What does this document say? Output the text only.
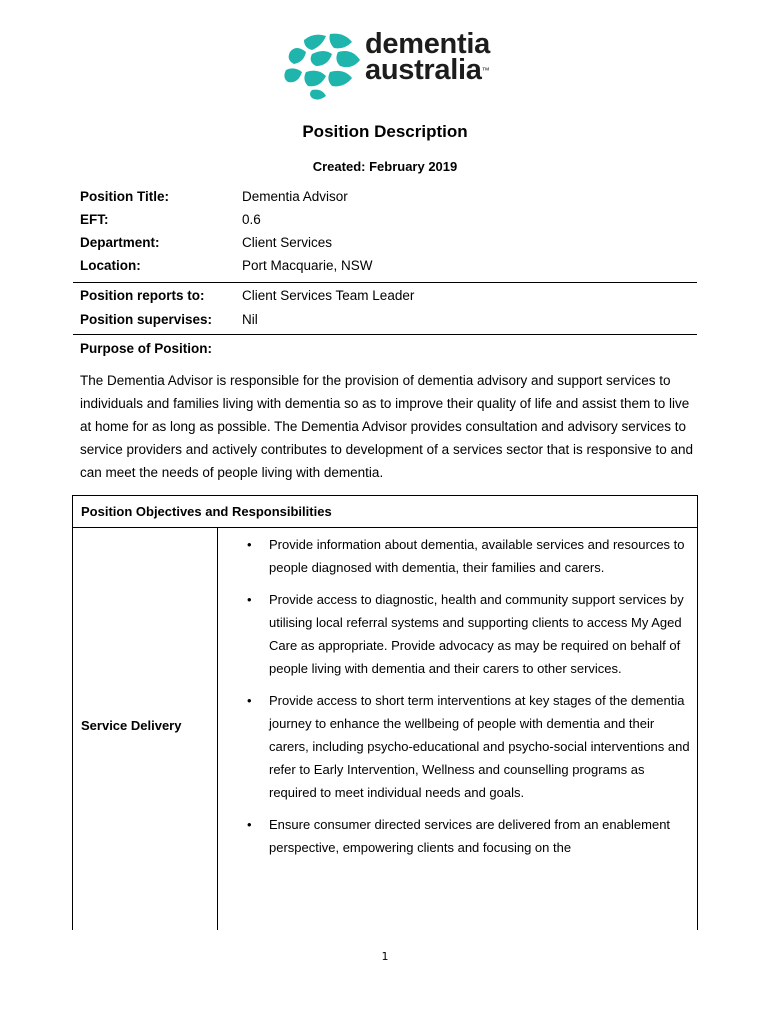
dementia
australia™
Position Description
Created: February 2019
Position Title:	Dementia Advisor
EFT:	0.6
Department:	Client Services
Location:	Port Macquarie, NSW
Position reports to:	Client Services Team Leader
Position supervises: Nil
Purpose of Position:
The Dementia Advisor is responsible for the provision of dementia advisory and support services to individuals and families living with dementia so as to improve their quality of life and assist them to live at home for as long as possible. The Dementia Advisor provides consultation and advisory services to service providers and actively contributes to development of a services sector that is responsive to and can meet the needs of people living with dementia.
Position Objectives and Responsibilities
Service Delivery
• Provide information about dementia, available services and resources to people diagnosed with dementia, their families and carers.
• Provide access to diagnostic, health and community support services by utilising local referral systems and supporting clients to access My Aged Care as appropriate. Provide advocacy as may be required on behalf of people living with dementia and their carers to other services.
• Provide access to short term interventions at key stages of the dementia journey to enhance the wellbeing of people with dementia and their carers, including psycho-educational and psycho-social interventions and refer to Early Intervention, Wellness and counselling programs as required to meet individual needs and goals.
• Ensure consumer directed services are delivered from an enablement perspective, empowering clients and focusing on the
1
